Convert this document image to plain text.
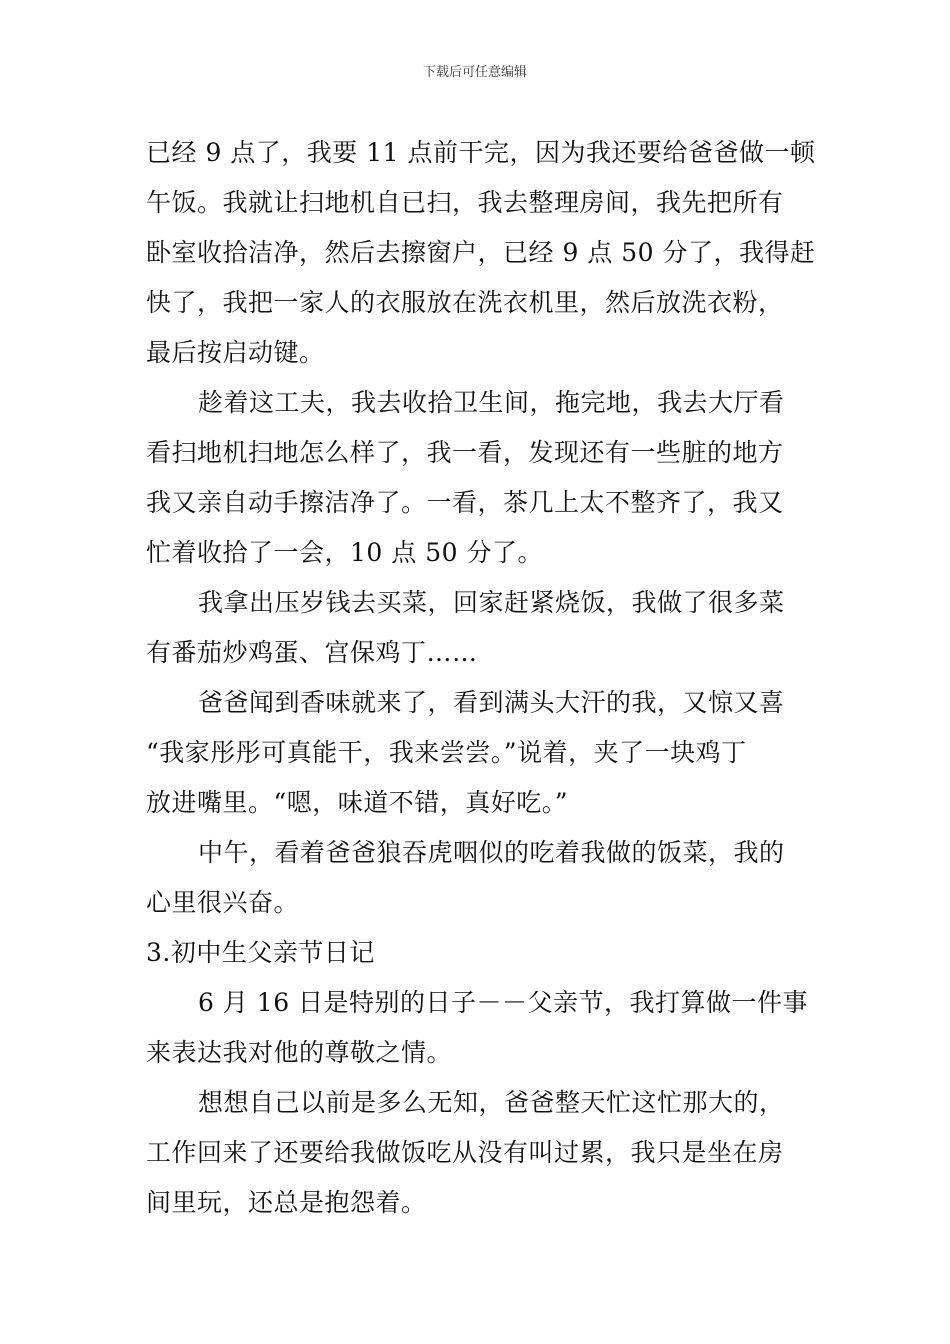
下载后可任意编辑
已经 9 点了，我要 11 点前干完，因为我还要给爸爸做一顿
午饭。我就让扫地机自已扫，我去整理房间，我先把所有
卧室收拾洁净，然后去擦窗户，已经 9 点 50 分了，我得赶
快了，我把一家人的衣服放在洗衣机里，然后放洗衣粉，
最后按启动键。
趁着这工夫，我去收拾卫生间，拖完地，我去大厅看
看扫地机扫地怎么样了，我一看，发现还有一些脏的地方
我又亲自动手擦洁净了。一看，茶几上太不整齐了，我又
忙着收拾了一会，10 点 50 分了。
我拿出压岁钱去买菜，回家赶紧烧饭，我做了很多菜
有番茄炒鸡蛋、宫保鸡丁……
爸爸闻到香味就来了，看到满头大汗的我，又惊又喜
“我家彤彤可真能干，我来尝尝。”说着，夹了一块鸡丁
放进嘴里。“嗯，味道不错，真好吃。”
中午，看着爸爸狼吞虎咽似的吃着我做的饭菜，我的
心里很兴奋。
3.初中生父亲节日记
6 月 16 日是特别的日子－－父亲节，我打算做一件事
来表达我对他的尊敬之情。
想想自己以前是多么无知，爸爸整天忙这忙那大的，
工作回来了还要给我做饭吃从没有叫过累，我只是坐在房
间里玩，还总是抱怨着。
